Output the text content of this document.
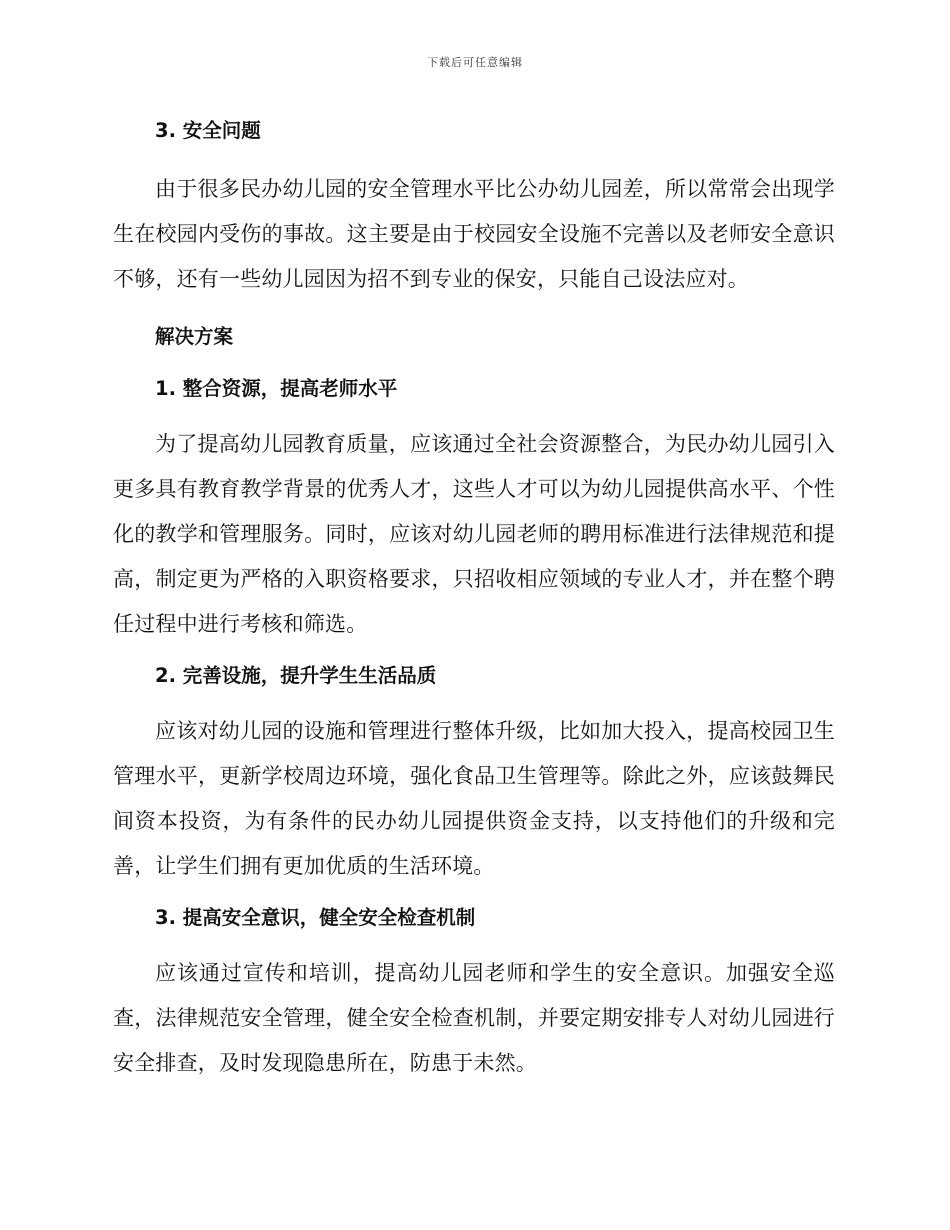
下载后可任意编辑
3. 安全问题

由于很多民办幼儿园的安全管理水平比公办幼儿园差，所以常常会出现学生在校园内受伤的事故。这主要是由于校园安全设施不完善以及老师安全意识不够，还有一些幼儿园因为招不到专业的保安，只能自己设法应对。

解决方案
1. 整合资源，提高老师水平

为了提高幼儿园教育质量，应该通过全社会资源整合，为民办幼儿园引入更多具有教育教学背景的优秀人才，这些人才可以为幼儿园提供高水平、个性化的教学和管理服务。同时，应该对幼儿园老师的聘用标准进行法律规范和提高，制定更为严格的入职资格要求，只招收相应领域的专业人才，并在整个聘任过程中进行考核和筛选。

2. 完善设施，提升学生生活品质

应该对幼儿园的设施和管理进行整体升级，比如加大投入，提高校园卫生管理水平，更新学校周边环境，强化食品卫生管理等。除此之外，应该鼓舞民间资本投资，为有条件的民办幼儿园提供资金支持，以支持他们的升级和完善，让学生们拥有更加优质的生活环境。

3. 提高安全意识，健全安全检查机制

应该通过宣传和培训，提高幼儿园老师和学生的安全意识。加强安全巡查，法律规范安全管理，健全安全检查机制，并要定期安排专人对幼儿园进行安全排查，及时发现隐患所在，防患于未然。
